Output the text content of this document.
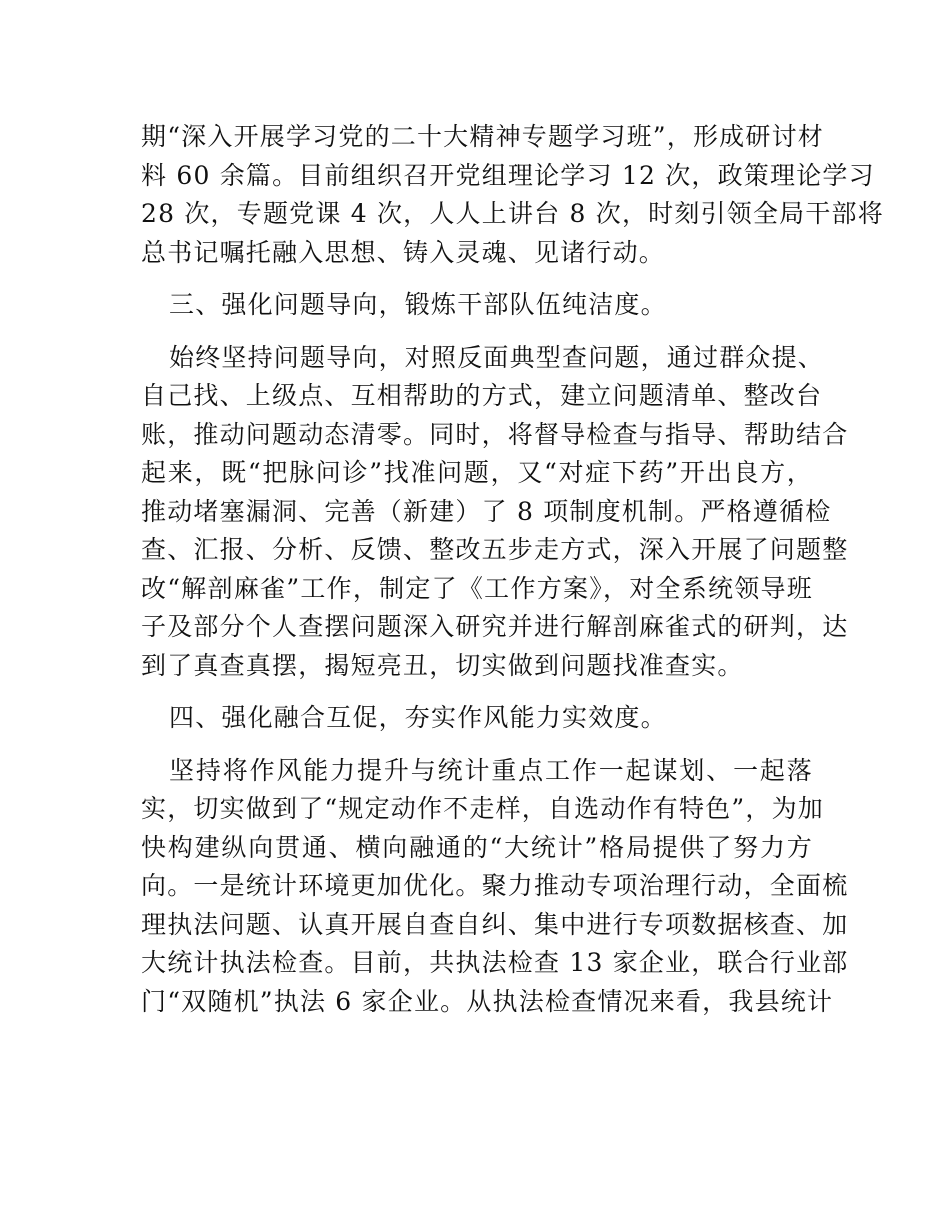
期“深入开展学习党的二十大精神专题学习班”，形成研讨材
料 60 余篇。目前组织召开党组理论学习 12 次，政策理论学习
28 次，专题党课 4 次，人人上讲台 8 次，时刻引领全局干部将
总书记嘱托融入思想、铸入灵魂、见诸行动。
三、强化问题导向，锻炼干部队伍纯洁度。
始终坚持问题导向，对照反面典型查问题，通过群众提、
自己找、上级点、互相帮助的方式，建立问题清单、整改台
账，推动问题动态清零。同时，将督导检查与指导、帮助结合
起来，既“把脉问诊”找准问题，又“对症下药”开出良方，
推动堵塞漏洞、完善（新建）了 8 项制度机制。严格遵循检
查、汇报、分析、反馈、整改五步走方式，深入开展了问题整
改“解剖麻雀”工作，制定了《工作方案》，对全系统领导班
子及部分个人查摆问题深入研究并进行解剖麻雀式的研判，达
到了真查真摆，揭短亮丑，切实做到问题找准查实。
四、强化融合互促，夯实作风能力实效度。
坚持将作风能力提升与统计重点工作一起谋划、一起落
实，切实做到了“规定动作不走样，自选动作有特色”，为加
快构建纵向贯通、横向融通的“大统计”格局提供了努力方
向。一是统计环境更加优化。聚力推动专项治理行动，全面梳
理执法问题、认真开展自查自纠、集中进行专项数据核查、加
大统计执法检查。目前，共执法检查 13 家企业，联合行业部
门“双随机”执法 6 家企业。从执法检查情况来看，我县统计
